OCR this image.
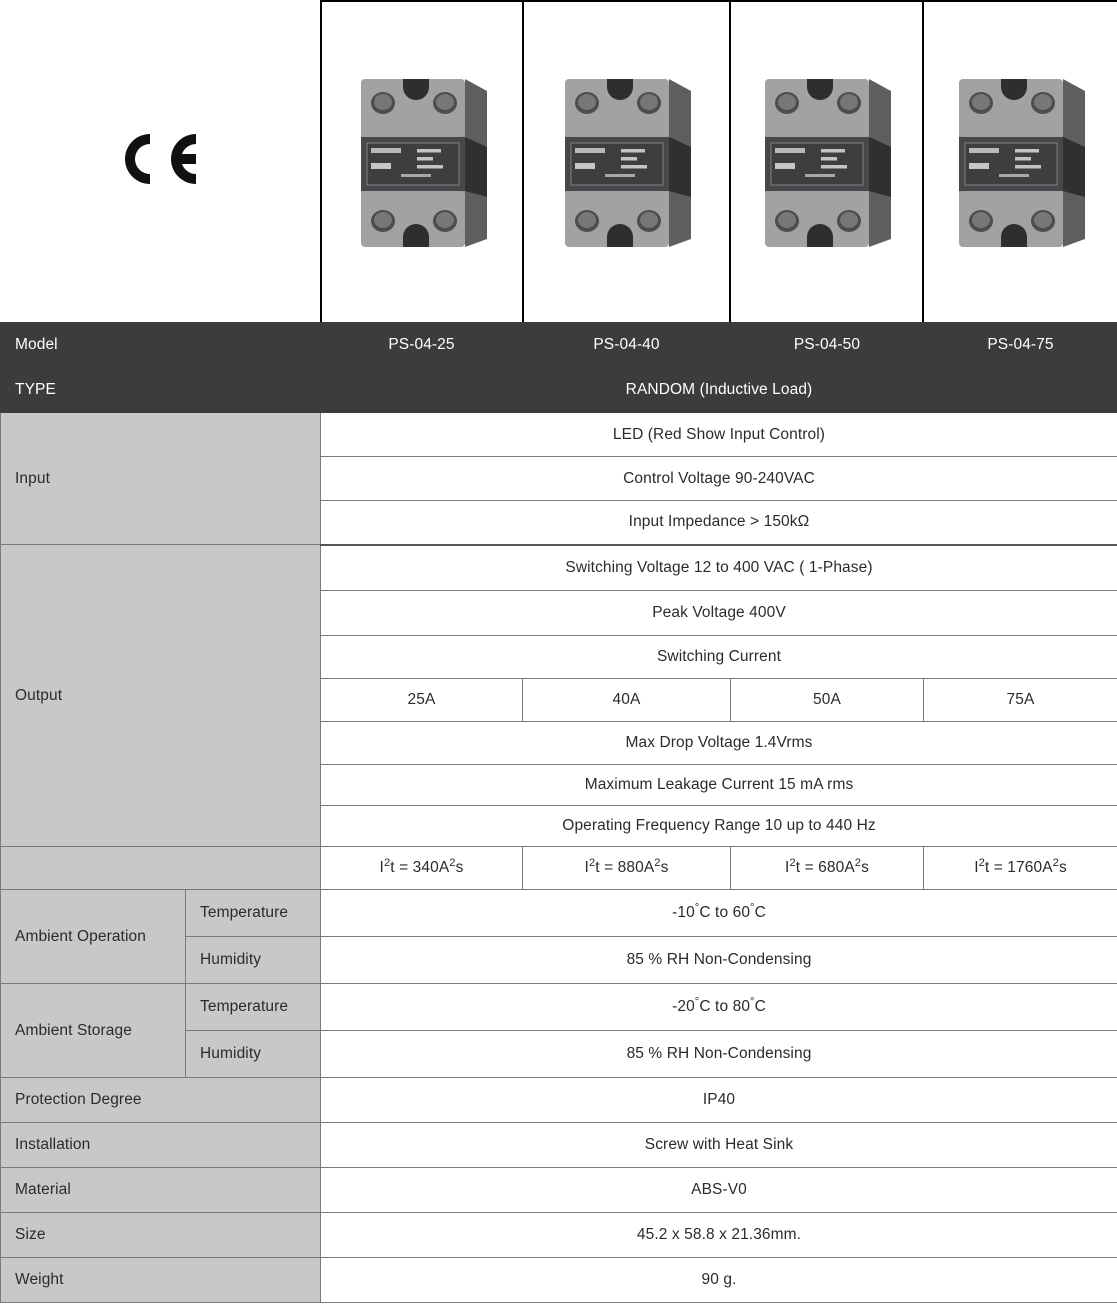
Model		PS-04-25	PS-04-40	PS-04-50	PS-04-75
TYPE		RANDOM (Inductive Load)			
Input		LED (Red Show Input Control)			
		Control Voltage 90-240VAC			
		Input Impedance > 150kΩ			
Output		Switching Voltage 12 to 400 VAC ( 1-Phase)			
		Peak Voltage 400V			
		Switching Current			
		25A	40A	50A	75A
		Max Drop Voltage 1.4Vrms			
		Maximum Leakage Current 15 mA rms			
		Operating Frequency Range 10 up to 440 Hz			
		$I^2t = 340A^2s$	$I^2t = 880A^2s$	$I^2t = 680A^2s$	$I^2t = 1760A^2s$
Ambient Operation	Temperature	-10°C to 60°C			
	Humidity	85 % RH Non-Condensing			
Ambient Storage	Temperature	-20°C to 80°C			
	Humidity	85 % RH Non-Condensing			
Protection Degree		IP40			
Installation		Screw with Heat Sink			
Material		ABS-V0			
Size		45.2 x 58.8 x 21.36mm.			
Weight		90 g.			
